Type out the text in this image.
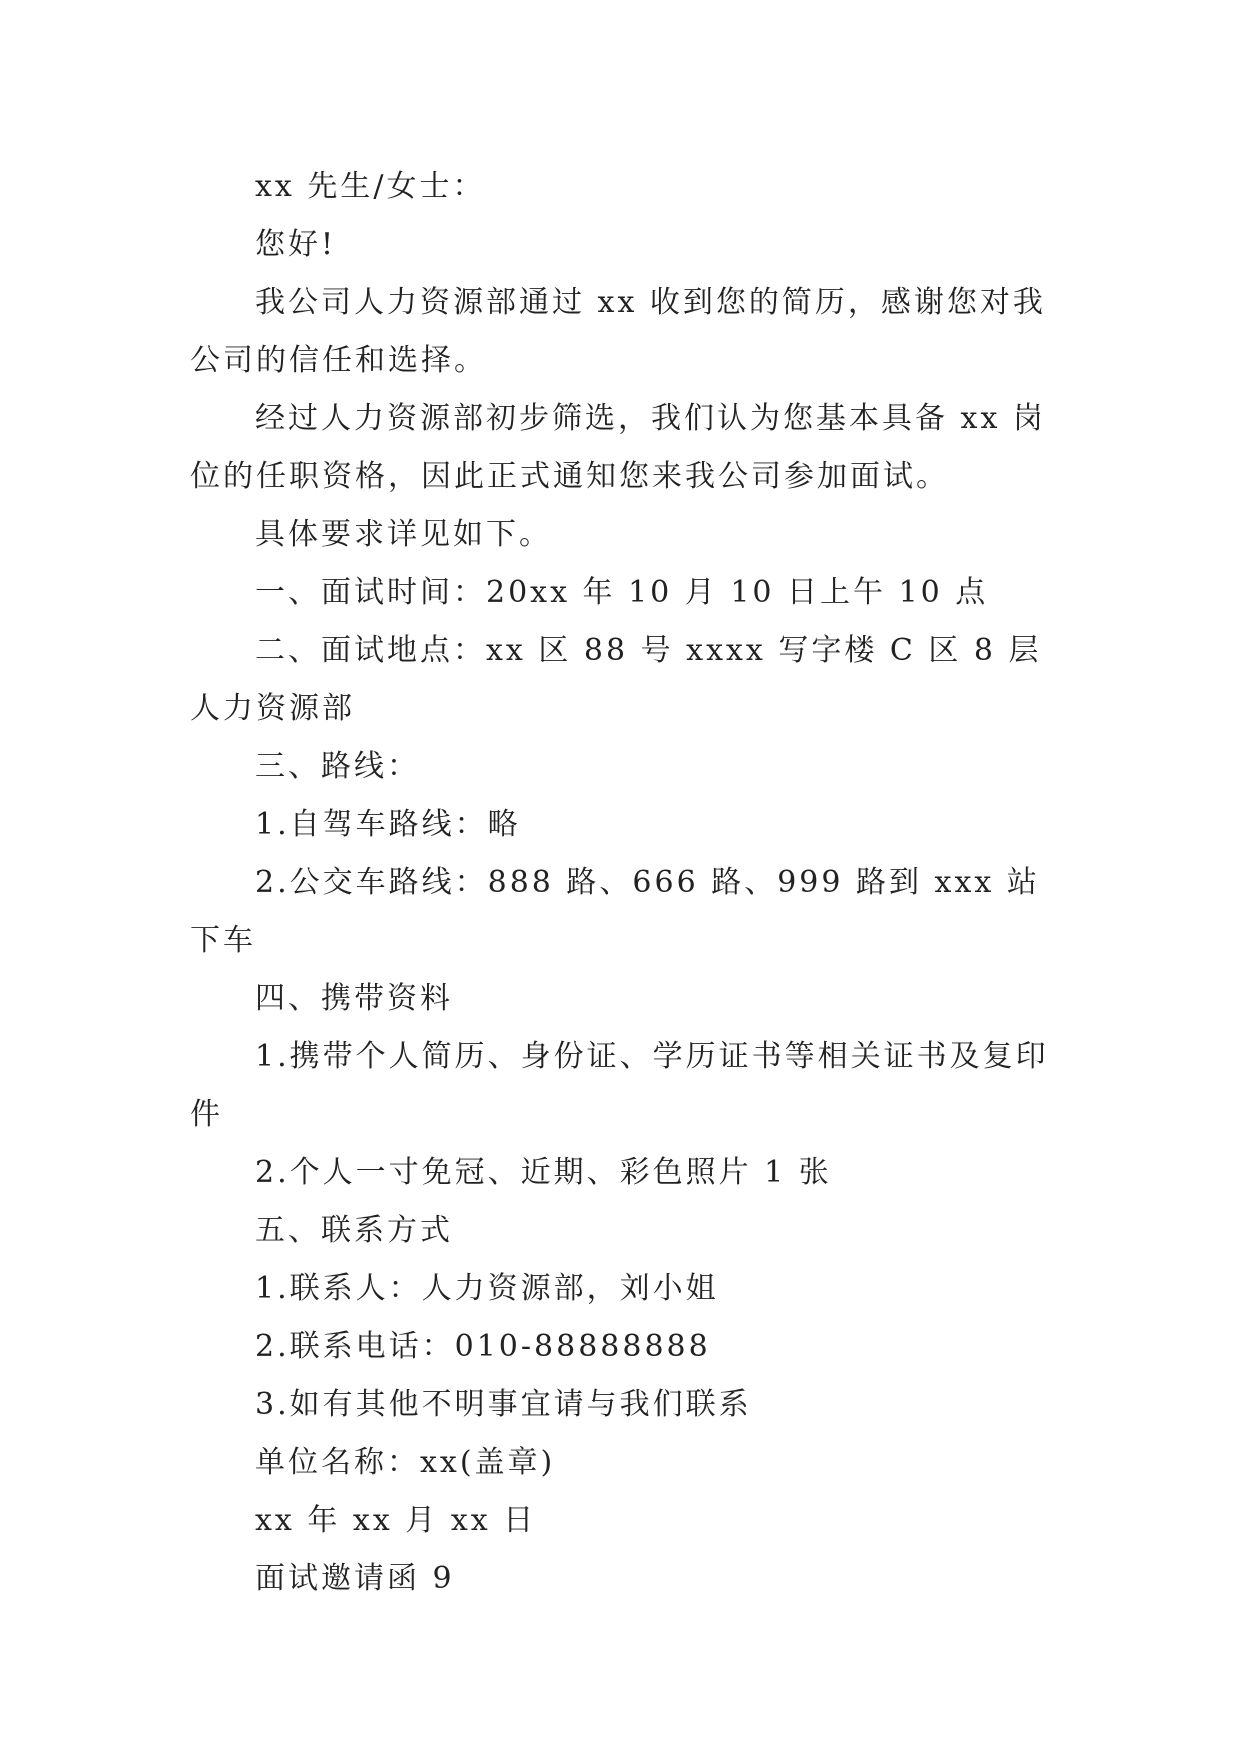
xx 先生/女士：

您好!

我公司人力资源部通过 xx 收到您的简历，感谢您对我公司的信任和选择。

经过人力资源部初步筛选，我们认为您基本具备 xx 岗位的任职资格，因此正式通知您来我公司参加面试。

具体要求详见如下。

一、面试时间：20xx 年 10 月 10 日上午 10 点

二、面试地点：xx 区 88 号 xxxx 写字楼 C 区 8 层人力资源部

三、路线：

1.自驾车路线：略

2.公交车路线：888 路、666 路、999 路到 xxx 站下车

四、携带资料

1.携带个人简历、身份证、学历证书等相关证书及复印件

2.个人一寸免冠、近期、彩色照片 1 张

五、联系方式

1.联系人：人力资源部，刘小姐

2.联系电话：010-88888888

3.如有其他不明事宜请与我们联系

单位名称：xx(盖章)

xx 年 xx 月 xx 日

面试邀请函 9
